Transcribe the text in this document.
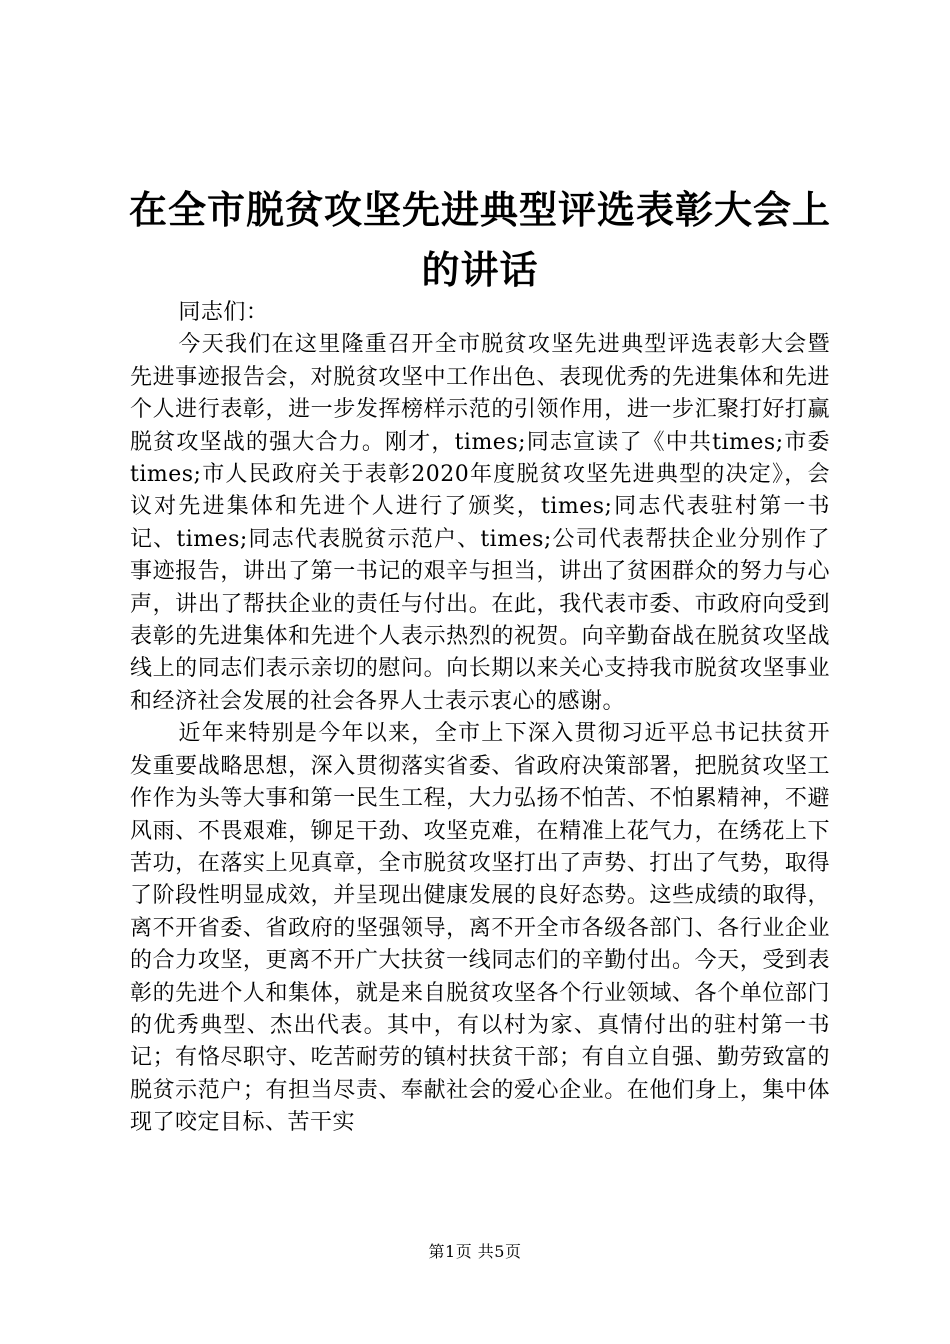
在全市脱贫攻坚先进典型评选表彰大会上的讲话

同志们：

今天我们在这里隆重召开全市脱贫攻坚先进典型评选表彰大会暨先进事迹报告会，对脱贫攻坚中工作出色、表现优秀的先进集体和先进个人进行表彰，进一步发挥榜样示范的引领作用，进一步汇聚打好打赢脱贫攻坚战的强大合力。刚才，times;同志宣读了《中共times;市委times;市人民政府关于表彰2020年度脱贫攻坚先进典型的决定》，会议对先进集体和先进个人进行了颁奖，times;同志代表驻村第一书记、times;同志代表脱贫示范户、times;公司代表帮扶企业分别作了事迹报告，讲出了第一书记的艰辛与担当，讲出了贫困群众的努力与心声，讲出了帮扶企业的责任与付出。在此，我代表市委、市政府向受到表彰的先进集体和先进个人表示热烈的祝贺。向辛勤奋战在脱贫攻坚战线上的同志们表示亲切的慰问。向长期以来关心支持我市脱贫攻坚事业和经济社会发展的社会各界人士表示衷心的感谢。

近年来特别是今年以来，全市上下深入贯彻习近平总书记扶贫开发重要战略思想，深入贯彻落实省委、省政府决策部署，把脱贫攻坚工作作为头等大事和第一民生工程，大力弘扬不怕苦、不怕累精神，不避风雨、不畏艰难，铆足干劲、攻坚克难，在精准上花气力，在绣花上下苦功，在落实上见真章，全市脱贫攻坚打出了声势、打出了气势，取得了阶段性明显成效，并呈现出健康发展的良好态势。这些成绩的取得，离不开省委、省政府的坚强领导，离不开全市各级各部门、各行业企业的合力攻坚，更离不开广大扶贫一线同志们的辛勤付出。今天，受到表彰的先进个人和集体，就是来自脱贫攻坚各个行业领域、各个单位部门的优秀典型、杰出代表。其中，有以村为家、真情付出的驻村第一书记；有恪尽职守、吃苦耐劳的镇村扶贫干部；有自立自强、勤劳致富的脱贫示范户；有担当尽责、奉献社会的爱心企业。在他们身上，集中体现了咬定目标、苦干实

第1页 共5页
